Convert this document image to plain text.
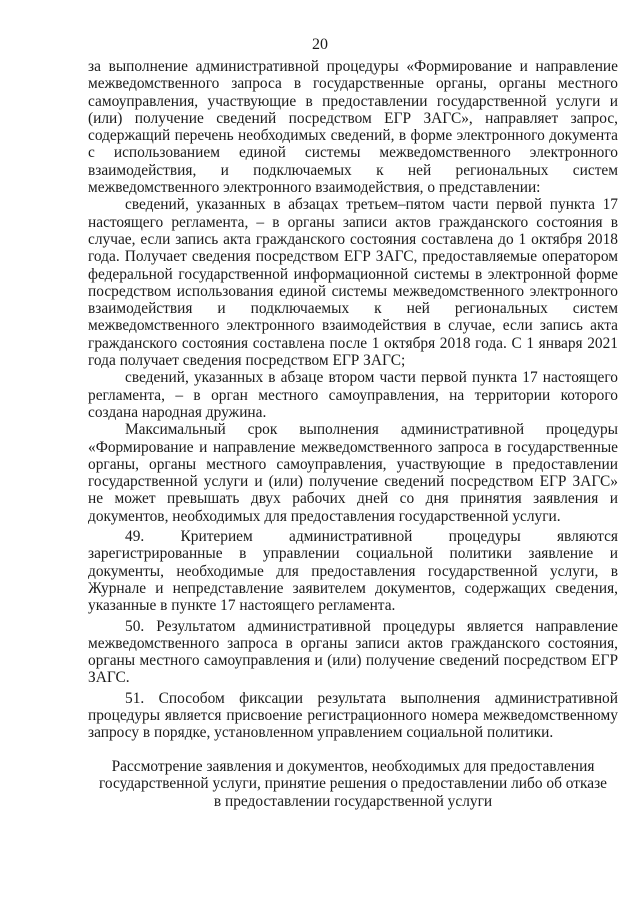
20

за выполнение административной процедуры «Формирование и направление межведомственного запроса в государственные органы, органы местного самоуправления, участвующие в предоставлении государственной услуги и (или) получение сведений посредством ЕГР ЗАГС», направляет запрос, содержащий перечень необходимых сведений, в форме электронного документа с использованием единой системы межведомственного электронного взаимодействия, и подключаемых к ней региональных систем межведомственного электронного взаимодействия, о представлении:

сведений, указанных в абзацах третьем–пятом части первой пункта 17 настоящего регламента, – в органы записи актов гражданского состояния в случае, если запись акта гражданского состояния составлена до 1 октября 2018 года. Получает сведения посредством ЕГР ЗАГС, предоставляемые оператором федеральной государственной информационной системы в электронной форме посредством использования единой системы межведомственного электронного взаимодействия и подключаемых к ней региональных систем межведомственного электронного взаимодействия в случае, если запись акта гражданского состояния составлена после 1 октября 2018 года. С 1 января 2021 года получает сведения посредством ЕГР ЗАГС;

сведений, указанных в абзаце втором части первой пункта 17 настоящего регламента, – в орган местного самоуправления, на территории которого создана народная дружина.

Максимальный срок выполнения административной процедуры «Формирование и направление межведомственного запроса в государственные органы, органы местного самоуправления, участвующие в предоставлении государственной услуги и (или) получение сведений посредством ЕГР ЗАГС» не может превышать двух рабочих дней со дня принятия заявления и документов, необходимых для предоставления государственной услуги.

49. Критерием административной процедуры являются зарегистрированные в управлении социальной политики заявление и документы, необходимые для предоставления государственной услуги, в Журнале и непредставление заявителем документов, содержащих сведения, указанные в пункте 17 настоящего регламента.

50. Результатом административной процедуры является направление межведомственного запроса в органы записи актов гражданского состояния, органы местного самоуправления и (или) получение сведений посредством ЕГР ЗАГС.

51. Способом фиксации результата выполнения административной процедуры является присвоение регистрационного номера межведомственному запросу в порядке, установленном управлением социальной политики.

Рассмотрение заявления и документов, необходимых для предоставления
государственной услуги, принятие решения о предоставлении либо об отказе
в предоставлении государственной услуги
